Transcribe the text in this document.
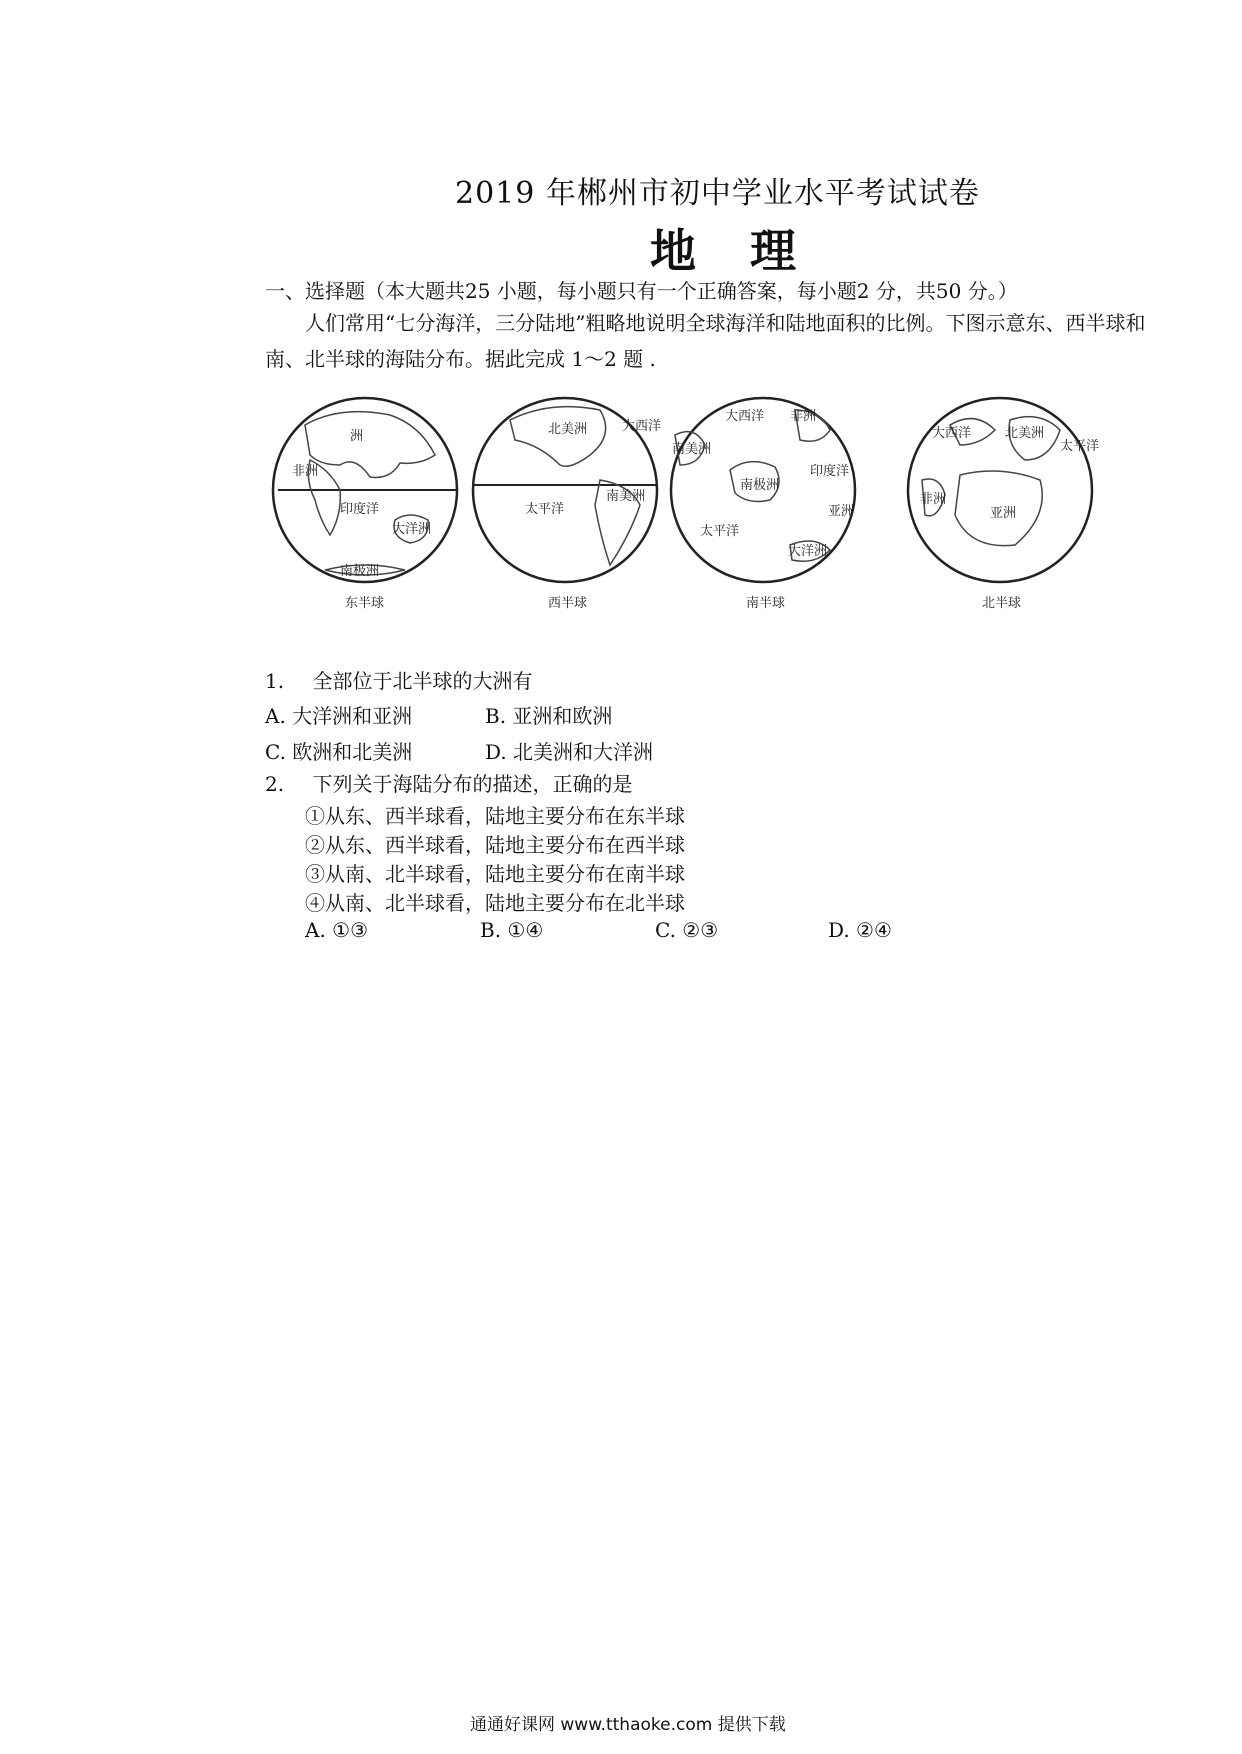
2019 年郴州市初中学业水平考试试卷
地理
一、选择题（本大题共25 小题，每小题只有一个正确答案，每小题2 分，共50 分。）
人们常用“七分海洋，三分陆地”粗略地说明全球海洋和陆地面积的比例。下图示意东、西半球和南、北半球的海陆分布。据此完成 1～2 题 .
洲
非洲
印度洋
大洋洲
南极洲
东半球
北美洲	大西洋
南美洲
太平洋
西半球
大西洋 非洲
南美洲
印度洋
南极洲
亚洲
太平洋
大洋洲
南半球
大西洋	北美洲
太平洋
非洲
亚洲
北半球
1. 全部位于北半球的大洲有
A. 大洋洲和亚洲	B. 亚洲和欧洲
C. 欧洲和北美洲	D. 北美洲和大洋洲
2. 下列关于海陆分布的描述，正确的是
①从东、西半球看，陆地主要分布在东半球
②从东、西半球看，陆地主要分布在西半球
③从南、北半球看，陆地主要分布在南半球
④从南、北半球看，陆地主要分布在北半球
A. ①③	B. ①④	C. ②③	D. ②④
通通好课网 www.tthaoke.com 提供下载
